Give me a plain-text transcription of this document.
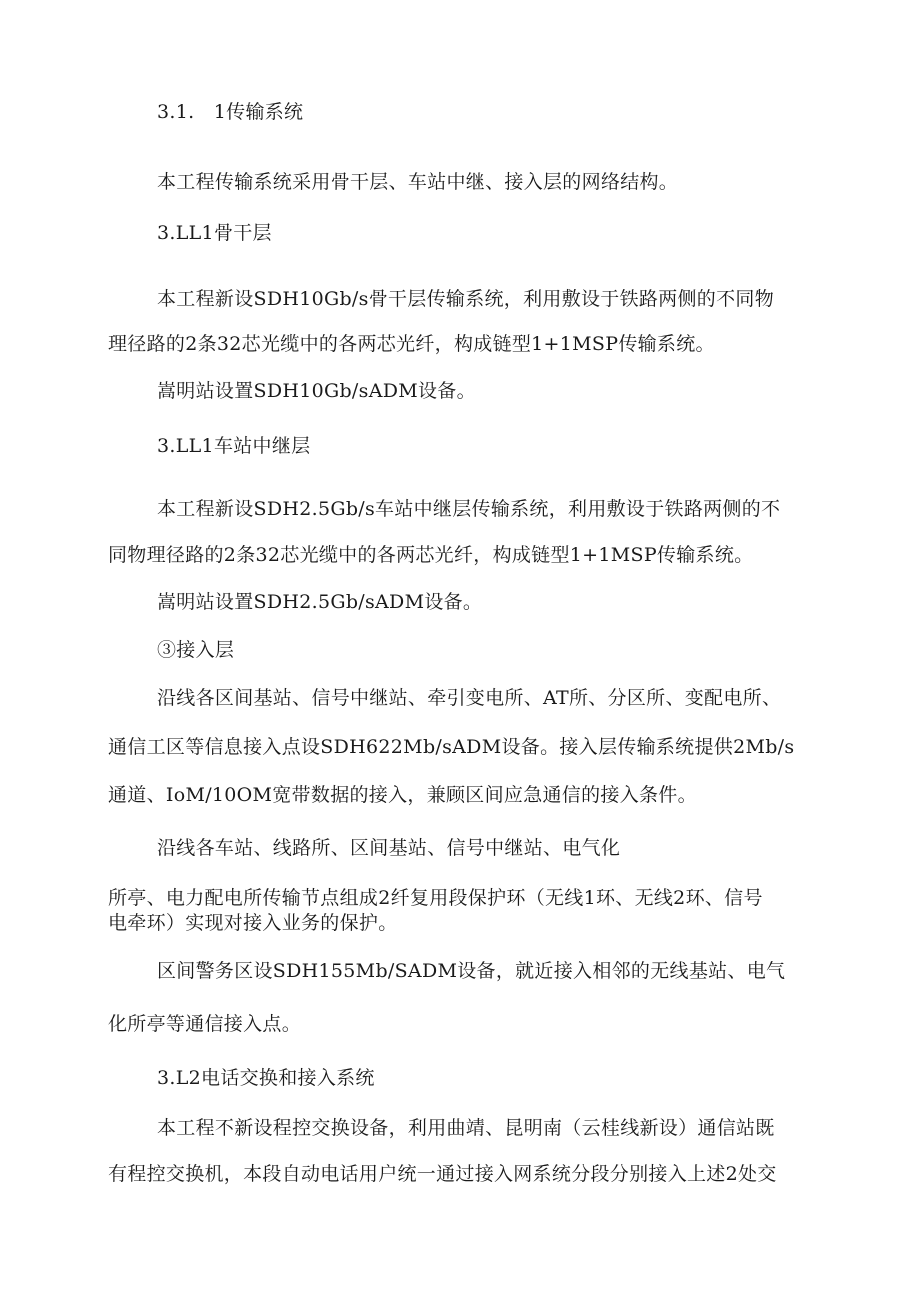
3.1.　1传输系统
本工程传输系统采用骨干层、车站中继、接入层的网络结构。
3.LL1骨干层
本工程新设SDH10Gb∕s骨干层传输系统，利用敷设于铁路两侧的不同物
理径路的2条32芯光缆中的各两芯光纤，构成链型1+1MSP传输系统。
嵩明站设置SDH10Gb∕sADM设备。
3.LL1车站中继层
本工程新设SDH2.5Gb∕s车站中继层传输系统，利用敷设于铁路两侧的不
同物理径路的2条32芯光缆中的各两芯光纤，构成链型1+1MSP传输系统。
嵩明站设置SDH2.5Gb∕sADM设备。
③接入层
沿线各区间基站、信号中继站、牵引变电所、AT所、分区所、变配电所、
通信工区等信息接入点设SDH622Mb∕sADM设备。接入层传输系统提供2Mb∕s
通道、IoM/10OM宽带数据的接入，兼顾区间应急通信的接入条件。
沿线各车站、线路所、区间基站、信号中继站、电气化
所亭、电力配电所传输节点组成2纤复用段保护环（无线1环、无线2环、信号
电牵环）实现对接入业务的保护。
区间警务区设SDH155Mb∕SADM设备，就近接入相邻的无线基站、电气
化所亭等通信接入点。
3.L2电话交换和接入系统
本工程不新设程控交换设备，利用曲靖、昆明南（云桂线新设）通信站既
有程控交换机，本段自动电话用户统一通过接入网系统分段分别接入上述2处交
